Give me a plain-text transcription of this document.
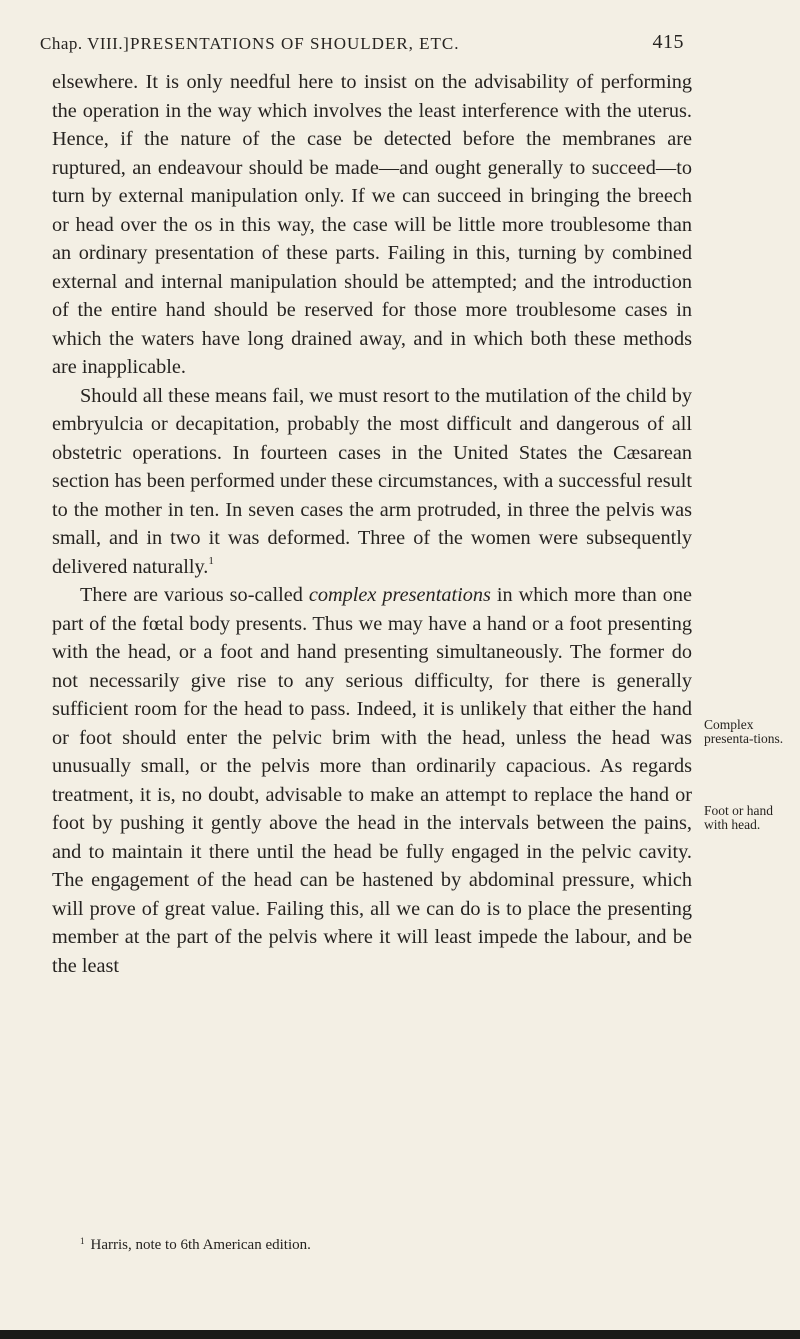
Chap. VIII.] PRESENTATIONS OF SHOULDER, ETC.	415

elsewhere. It is only needful here to insist on the advisability of performing the operation in the way which involves the least interference with the uterus. Hence, if the nature of the case be detected before the membranes are ruptured, an endeavour should be made—and ought generally to succeed—to turn by external manipulation only. If we can succeed in bringing the breech or head over the os in this way, the case will be little more troublesome than an ordinary presentation of these parts. Failing in this, turning by combined external and internal manipulation should be attempted; and the introduction of the entire hand should be reserved for those more troublesome cases in which the waters have long drained away, and in which both these methods are inapplicable.

Should all these means fail, we must resort to the mutilation of the child by embryulcia or decapitation, probably the most difficult and dangerous of all obstetric operations. In fourteen cases in the United States the Cæsarean section has been performed under these circumstances, with a successful result to the mother in ten. In seven cases the arm protruded, in three the pelvis was small, and in two it was deformed. Three of the women were subsequently delivered naturally.$^1$

There are various so-called complex presentations in which more than one part of the fœtal body presents. Thus we may have a hand or a foot presenting with the head, or a foot and hand presenting simultaneously. The former do not necessarily give rise to any serious difficulty, for there is generally sufficient room for the head to pass. Indeed, it is unlikely that either the hand or foot should enter the pelvic brim with the head, unless the head was unusually small, or the pelvis more than ordinarily capacious. As regards treatment, it is, no doubt, advisable to make an attempt to replace the hand or foot by pushing it gently above the head in the intervals between the pains, and to maintain it there until the head be fully engaged in the pelvic cavity. The engagement of the head can be hastened by abdominal pressure, which will prove of great value. Failing this, all we can do is to place the presenting member at the part of the pelvis where it will least impede the labour, and be the least

Complex presenta-tions.
Foot or hand with head.
$^1$ Harris, note to 6th American edition.
